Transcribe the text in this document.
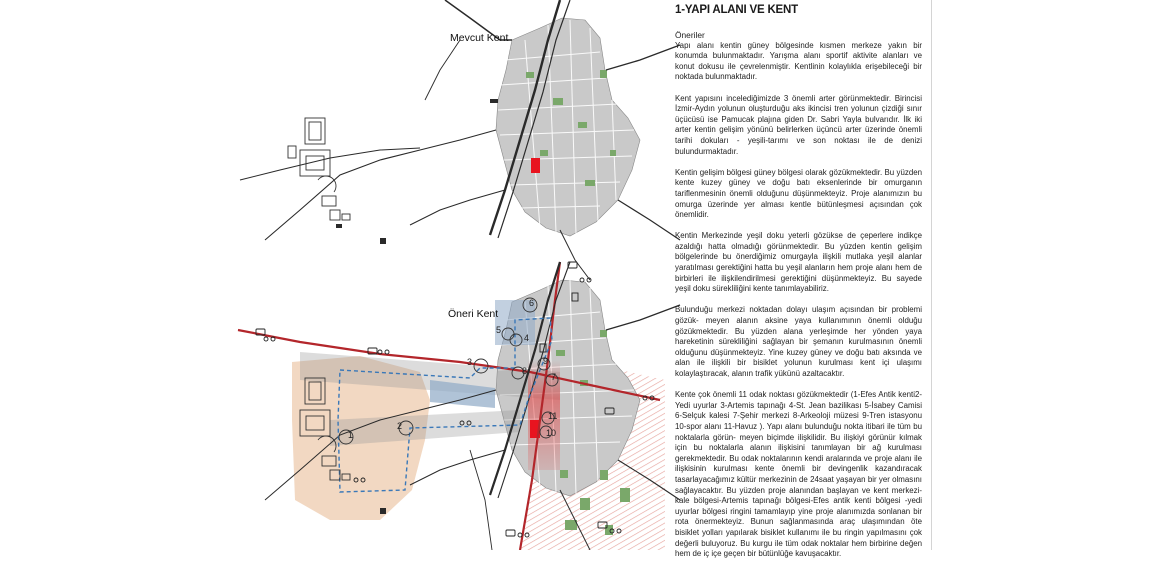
1
2
3
4
5
6
7
8
9
10
11
Mevcut Kent
Öneri Kent
1-YAPI ALANI VE KENT

Öneriler

Yapı alanı kentin güney bölgesinde kısmen merkeze yakın bir konumda bulunmaktadır. Yarışma alanı sportif aktivite alanları ve konut dokusu ile çevrelenmiştir. Kentlinin kolaylıkla erişebileceği bir noktada bulunmaktadır.

Kent yapısını incelediğimizde 3 önemli arter görünmektedir. Birincisi İzmir-Aydın yolunun oluşturduğu aks ikincisi tren yolunun çizdiği sınır üçücüsü ise Pamucak plajına giden Dr. Sabri Yayla bulvarıdır. İlk iki arter kentin gelişim yönünü belirlerken üçüncü arter üzerinde önemli tarihi dokuları - yeşili-tarımı ve son noktası ile de denizi bulundurmaktadır.

Kentin gelişim bölgesi güney bölgesi olarak gözükmektedir. Bu yüzden kente kuzey güney ve doğu batı eksenlerinde bir omurganın tariflenmesinin önemli olduğunu düşünmekteyiz. Proje alanımızın bu omurga üzerinde yer alması kentle bütünleşmesi açısından çok önemlidir.

Kentin Merkezinde yeşil doku yeterli gözükse de çeperlere indikçe azaldığı hatta olmadığı görünmektedir. Bu yüzden kentin gelişim bölgelerinde bu önerdiğimiz omurgayla ilişkili mutlaka yeşil alanlar yaratılması gerektiğini hatta bu yeşil alanların hem proje alanı hem de birbirleri ile ilişkilendirilmesi gerektiğini düşünmekteyiz. Bu sayede yeşil doku sürekliliğini kente tanımlayabiliriz.

Bulunduğu merkezi noktadan dolayı ulaşım açısından bir problemi gözük- meyen alanın aksine yaya kullanımının önemli olduğu gözükmektedir. Bu yüzden alana yerleşimde her yönden yaya hareketinin sürekliliğini sağlayan bir şemanın kurulmasının önemli olduğunu düşünmekteyiz. Yine kuzey güney ve doğu batı aksında ve alan ile ilişkili bir bisiklet yolunun kurulması kent içi ulaşımı kolaylaştıracak, alanın trafik yükünü azaltacaktır.

Kente çok önemli 11 odak noktası gözükmektedir (1-Efes Antik kenti2-Yedi uyurlar 3-Artemis tapınağı 4-St. Jean bazilikası 5-İsabey Camisi 6-Selçuk kalesi 7-Şehir merkezi 8-Arkeoloji müzesi 9-Tren istasyonu 10-spor alanı 11-Havuz ). Yapı alanı bulunduğu nokta itibari ile tüm bu noktalarla görün- meyen biçimde ilişkilidir. Bu ilişkiyi görünür kılmak için bu noktalarla alanın ilişkisini tanımlayan bir ağ kurulması gerekmektedir. Bu odak noktalarının kendi aralarında ve proje alanı ile ilişkisinin kurulması kente önemli bir devingenlik kazandıracak tasarlayacağımız kültür merkezinin de 24saat yaşayan bir yer olmasını sağlayacaktır. Bu yüzden proje alanından başlayan ve kent merkezi-kale bölgesi-Artemis tapınağı bölgesi-Efes antik kenti bölgesi -yedi uyurlar bölgesi ringini tamamlayıp yine proje alanımızda sonlanan bir rota önermekteyiz. Bunun sağlanmasında araç ulaşımından öte bisiklet yolları yapılarak bisiklet kullanımı ile bu ringin yapılmasını çok değerli buluyoruz. Bu kurgu ile tüm odak noktalar hem birbirine değen hem de iç içe geçen bir bütünlüğe kavuşacaktır.
